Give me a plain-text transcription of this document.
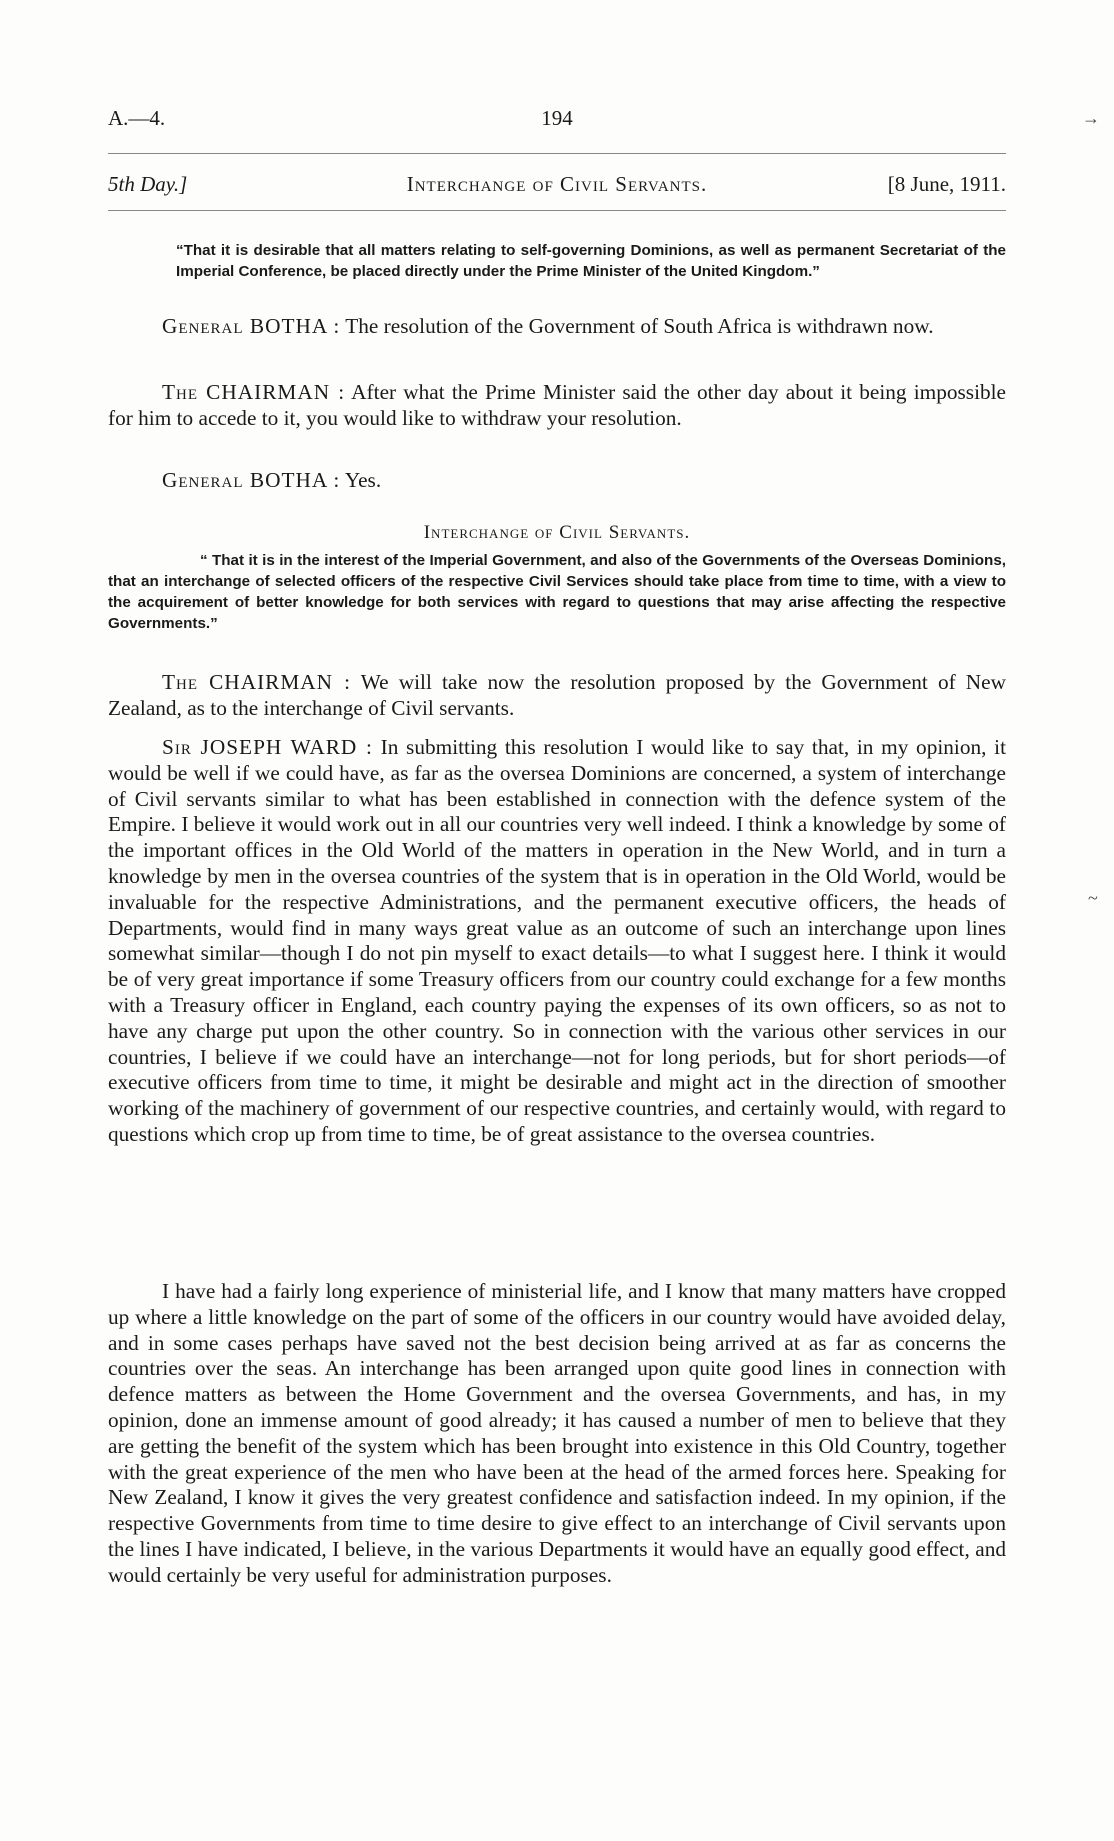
A.—4.	194
5th Day.]	Interchange of Civil Servants.	[8 June, 1911.
“That it is desirable that all matters relating to self-governing Dominions, as well as permanent Secretariat of the Imperial Conference, be placed directly under the Prime Minister of the United Kingdom.”

General BOTHA : The resolution of the Government of South Africa is withdrawn now.

The CHAIRMAN : After what the Prime Minister said the other day about it being impossible for him to accede to it, you would like to withdraw your resolution.

General BOTHA : Yes.

Interchange of Civil Servants.
“ That it is in the interest of the Imperial Government, and also of the Governments of the Overseas Dominions, that an interchange of selected officers of the respective Civil Services should take place from time to time, with a view to the acquirement of better knowledge for both services with regard to questions that may arise affecting the respective Governments.”

The CHAIRMAN : We will take now the resolution proposed by the Government of New Zealand, as to the interchange of Civil servants.

Sir JOSEPH WARD : In submitting this resolution I would like to say that, in my opinion, it would be well if we could have, as far as the oversea Dominions are concerned, a system of interchange of Civil servants similar to what has been established in connection with the defence system of the Empire. I believe it would work out in all our countries very well indeed. I think a knowledge by some of the important offices in the Old World of the matters in operation in the New World, and in turn a knowledge by men in the oversea countries of the system that is in operation in the Old World, would be invaluable for the respective Administrations, and the permanent executive officers, the heads of Departments, would find in many ways great value as an outcome of such an interchange upon lines somewhat similar—though I do not pin myself to exact details—to what I suggest here. I think it would be of very great importance if some Treasury officers from our country could exchange for a few months with a Treasury officer in England, each country paying the expenses of its own officers, so as not to have any charge put upon the other country. So in connection with the various other services in our countries, I believe if we could have an interchange—not for long periods, but for short periods—of executive officers from time to time, it might be desirable and might act in the direction of smoother working of the machinery of government of our respective countries, and certainly would, with regard to questions which crop up from time to time, be of great assistance to the oversea countries.

I have had a fairly long experience of ministerial life, and I know that many matters have cropped up where a little knowledge on the part of some of the officers in our country would have avoided delay, and in some cases perhaps have saved not the best decision being arrived at as far as concerns the countries over the seas. An interchange has been arranged upon quite good lines in connection with defence matters as between the Home Government and the oversea Governments, and has, in my opinion, done an immense amount of good already; it has caused a number of men to believe that they are getting the benefit of the system which has been brought into existence in this Old Country, together with the great experience of the men who have been at the head of the armed forces here. Speaking for New Zealand, I know it gives the very greatest confidence and satisfaction indeed. In my opinion, if the respective Governments from time to time desire to give effect to an interchange of Civil servants upon the lines I have indicated, I believe, in the various Departments it would have an equally good effect, and would certainly be very useful for administration purposes.

→
~
